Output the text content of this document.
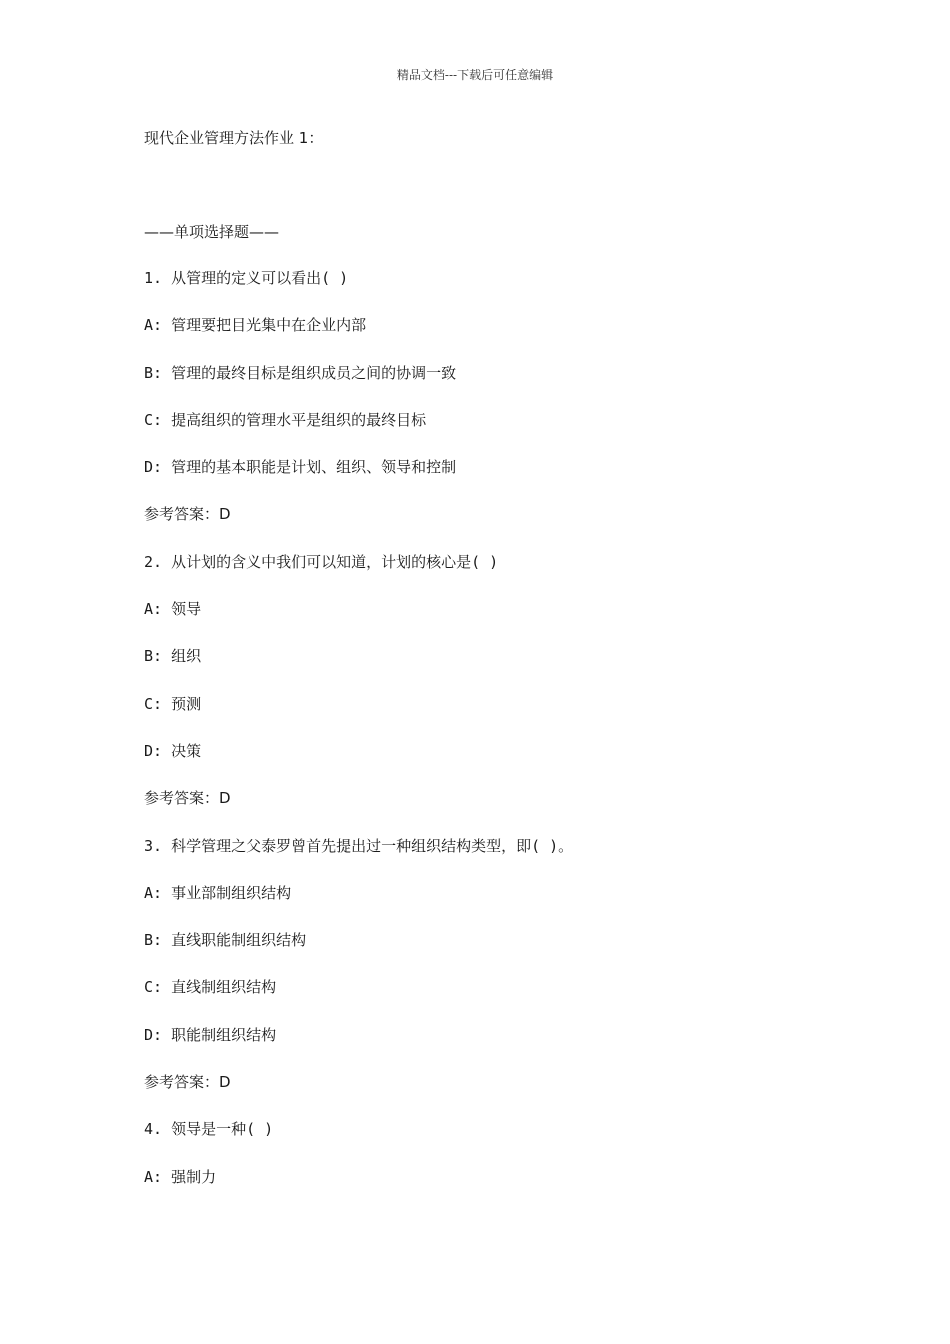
精品文档---下载后可任意编辑
现代企业管理方法作业 1：
——单项选择题——
1. 从管理的定义可以看出( )
A: 管理要把目光集中在企业内部
B: 管理的最终目标是组织成员之间的协调一致
C: 提高组织的管理水平是组织的最终目标
D: 管理的基本职能是计划、组织、领导和控制
参考答案：D
2. 从计划的含义中我们可以知道，计划的核心是( )
A: 领导
B: 组织
C: 预测
D: 决策
参考答案：D
3. 科学管理之父泰罗曾首先提出过一种组织结构类型，即( )。
A: 事业部制组织结构
B: 直线职能制组织结构
C: 直线制组织结构
D: 职能制组织结构
参考答案：D
4. 领导是一种( )
A: 强制力
